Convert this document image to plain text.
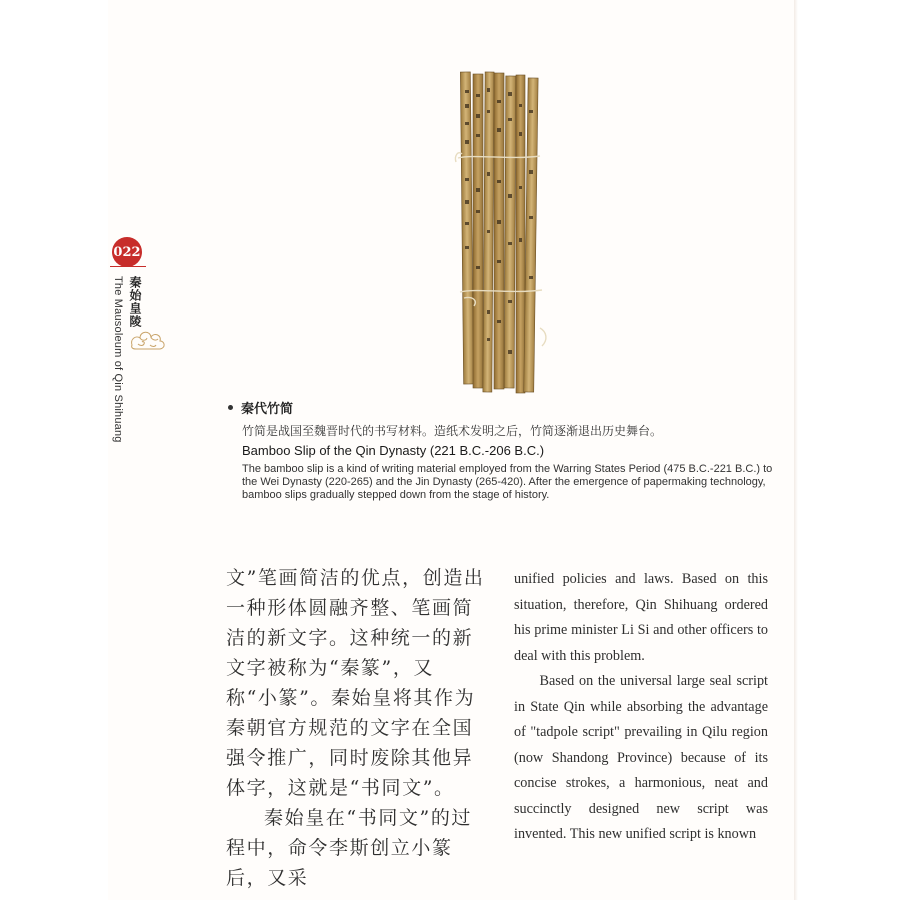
022
秦始皇陵
The Mausoleum of Qin Shihuang	秦代竹简
竹简是战国至魏晋时代的书写材料。造纸术发明之后，竹简逐渐退出历史舞台。
Bamboo Slip of the Qin Dynasty (221 B.C.-206 B.C.)
The bamboo slip is a kind of writing material employed from the Warring States Period (475 B.C.-221 B.C.) to the Wei Dynasty (220-265) and the Jin Dynasty (265-420). After the emergence of papermaking technology, bamboo slips gradually stepped down from the stage of history.

文”笔画简洁的优点，创造出一种形体圆融齐整、笔画简洁的新文字。这种统一的新文字被称为“秦篆”，又称“小篆”。秦始皇将其作为秦朝官方规范的文字在全国强令推广，同时废除其他异体字，这就是“书同文”。

秦始皇在“书同文”的过程中，命令李斯创立小篆后，又采

unified policies and laws. Based on this situation, therefore, Qin Shihuang ordered his prime minister Li Si and other officers to deal with this problem.

Based on the universal large seal script in State Qin while absorbing the advantage of "tadpole script" prevailing in Qilu region (now Shandong Province) because of its concise strokes, a harmonious, neat and succinctly designed new script was invented. This new unified script is known
